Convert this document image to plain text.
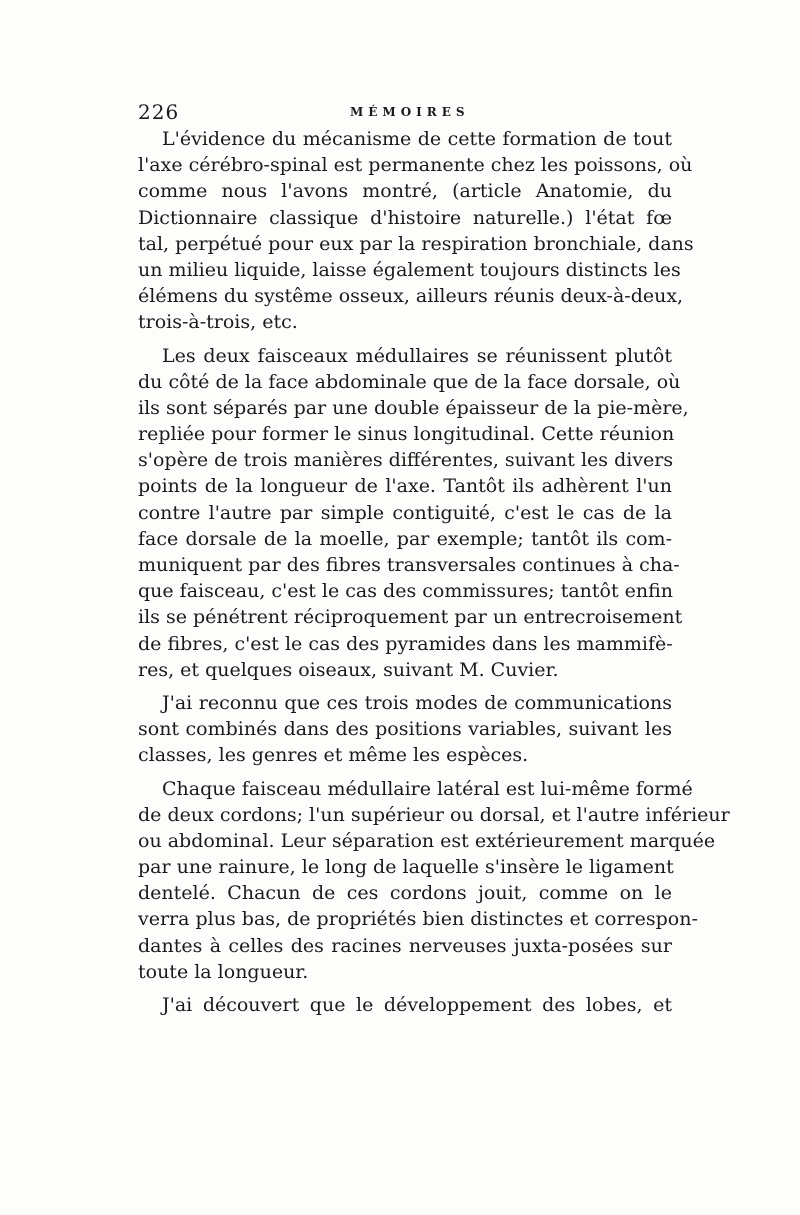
226	MÉMOIRES
L'évidence du mécanisme de cette formation de tout
l'axe cérébro-spinal est permanente chez les poissons, où
comme nous l'avons montré, (article Anatomie, du
Dictionnaire classique d'histoire naturelle.) l'état fœ
tal, perpétué pour eux par la respiration bronchiale, dans
un milieu liquide, laisse également toujours distincts les
élémens du systême osseux, ailleurs réunis deux-à-deux,
trois-à-trois, etc.
Les deux faisceaux médullaires se réunissent plutôt
du côté de la face abdominale que de la face dorsale, où
ils sont séparés par une double épaisseur de la pie-mère,
repliée pour former le sinus longitudinal. Cette réunion
s'opère de trois manières différentes, suivant les divers
points de la longueur de l'axe. Tantôt ils adhèrent l'un
contre l'autre par simple contiguité, c'est le cas de la
face dorsale de la moelle, par exemple; tantôt ils com-
muniquent par des fibres transversales continues à cha-
que faisceau, c'est le cas des commissures; tantôt enfin
ils se pénétrent réciproquement par un entrecroisement
de fibres, c'est le cas des pyramides dans les mammifè-
res, et quelques oiseaux, suivant M. Cuvier.
J'ai reconnu que ces trois modes de communications
sont combinés dans des positions variables, suivant les
classes, les genres et même les espèces.
Chaque faisceau médullaire latéral est lui-même formé
de deux cordons; l'un supérieur ou dorsal, et l'autre inférieur
ou abdominal. Leur séparation est extérieurement marquée
par une rainure, le long de laquelle s'insère le ligament
dentelé. Chacun de ces cordons jouit, comme on le
verra plus bas, de propriétés bien distinctes et correspon-
dantes à celles des racines nerveuses juxta-posées sur
toute la longueur.
J'ai découvert que le développement des lobes, et
